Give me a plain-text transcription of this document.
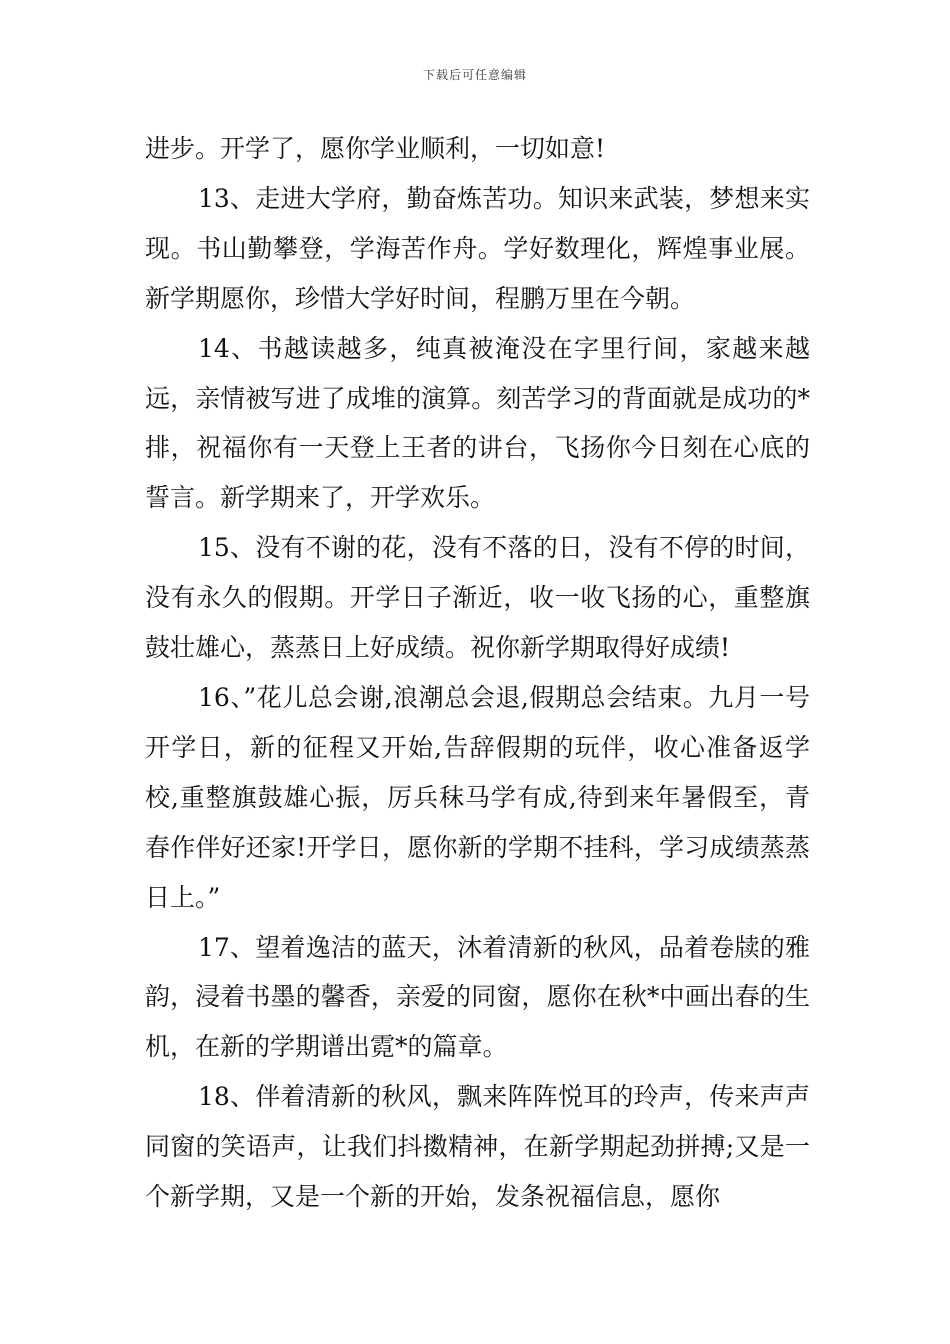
下载后可任意编辑

进步。开学了，愿你学业顺利，一切如意!

13、走进大学府，勤奋炼苦功。知识来武装，梦想来实现。书山勤攀登，学海苦作舟。学好数理化，辉煌事业展。新学期愿你，珍惜大学好时间，程鹏万里在今朝。

14、书越读越多，纯真被淹没在字里行间，家越来越远，亲情被写进了成堆的演算。刻苦学习的背面就是成功的*排，祝福你有一天登上王者的讲台，飞扬你今日刻在心底的誓言。新学期来了，开学欢乐。

15、没有不谢的花，没有不落的日，没有不停的时间，没有永久的假期。开学日子渐近，收一收飞扬的心，重整旗鼓壮雄心，蒸蒸日上好成绩。祝你新学期取得好成绩!

16、”花儿总会谢,浪潮总会退,假期总会结束。九月一号开学日，新的征程又开始,告辞假期的玩伴，收心准备返学校,重整旗鼓雄心振，厉兵秣马学有成,待到来年暑假至，青春作伴好还家!开学日，愿你新的学期不挂科，学习成绩蒸蒸日上。”

17、望着逸洁的蓝天，沐着清新的秋风，品着卷牍的雅韵，浸着书墨的馨香，亲爱的同窗，愿你在秋*中画出春的生机，在新的学期谱出霓*的篇章。

18、伴着清新的秋风，飘来阵阵悦耳的玲声，传来声声同窗的笑语声，让我们抖擞精神，在新学期起劲拼搏;又是一个新学期，又是一个新的开始，发条祝福信息，愿你
